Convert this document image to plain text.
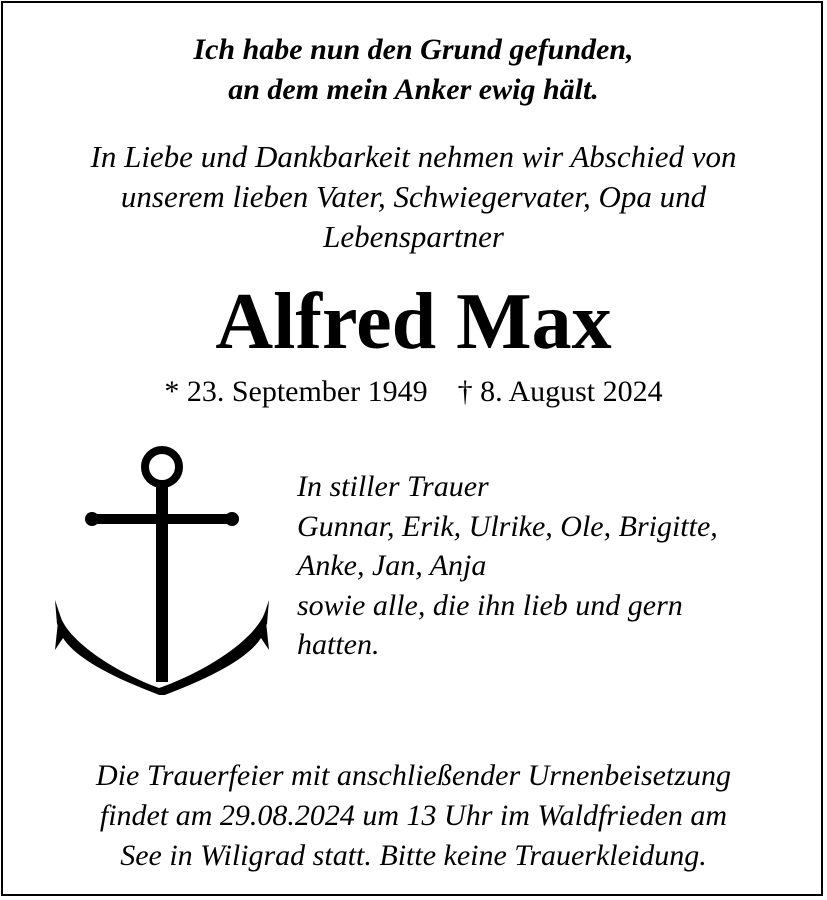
Ich habe nun den Grund gefunden,
an dem mein Anker ewig hält.
In Liebe und Dankbarkeit nehmen wir Abschied von
unserem lieben Vater, Schwiegervater, Opa und
Lebenspartner
Alfred Max
* 23. September 1949 † 8. August 2024
In stiller Trauer
Gunnar, Erik, Ulrike, Ole, Brigitte,
Anke, Jan, Anja
sowie alle, die ihn lieb und gern
hatten.
Die Trauerfeier mit anschließender Urnenbeisetzung
findet am 29.08.2024 um 13 Uhr im Waldfrieden am
See in Wiligrad statt. Bitte keine Trauerkleidung.
